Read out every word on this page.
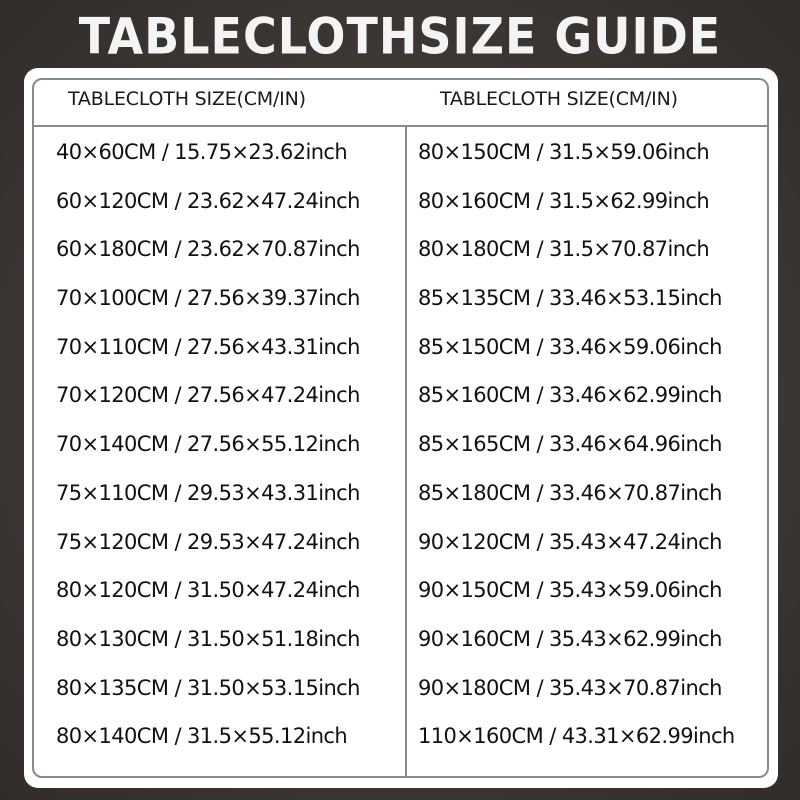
TABLECLOTHSIZE GUIDE
TABLECLOTH SIZE(CM/IN)	TABLECLOTH SIZE(CM/IN)
40×60CM / 15.75×23.62inch
60×120CM / 23.62×47.24inch
60×180CM / 23.62×70.87inch
70×100CM / 27.56×39.37inch
70×110CM / 27.56×43.31inch
70×120CM / 27.56×47.24inch
70×140CM / 27.56×55.12inch
75×110CM / 29.53×43.31inch
75×120CM / 29.53×47.24inch
80×120CM / 31.50×47.24inch
80×130CM / 31.50×51.18inch
80×135CM / 31.50×53.15inch
80×140CM / 31.5×55.12inch
80×150CM / 31.5×59.06inch
80×160CM / 31.5×62.99inch
80×180CM / 31.5×70.87inch
85×135CM / 33.46×53.15inch
85×150CM / 33.46×59.06inch
85×160CM / 33.46×62.99inch
85×165CM / 33.46×64.96inch
85×180CM / 33.46×70.87inch
90×120CM / 35.43×47.24inch
90×150CM / 35.43×59.06inch
90×160CM / 35.43×62.99inch
90×180CM / 35.43×70.87inch
110×160CM / 43.31×62.99inch
